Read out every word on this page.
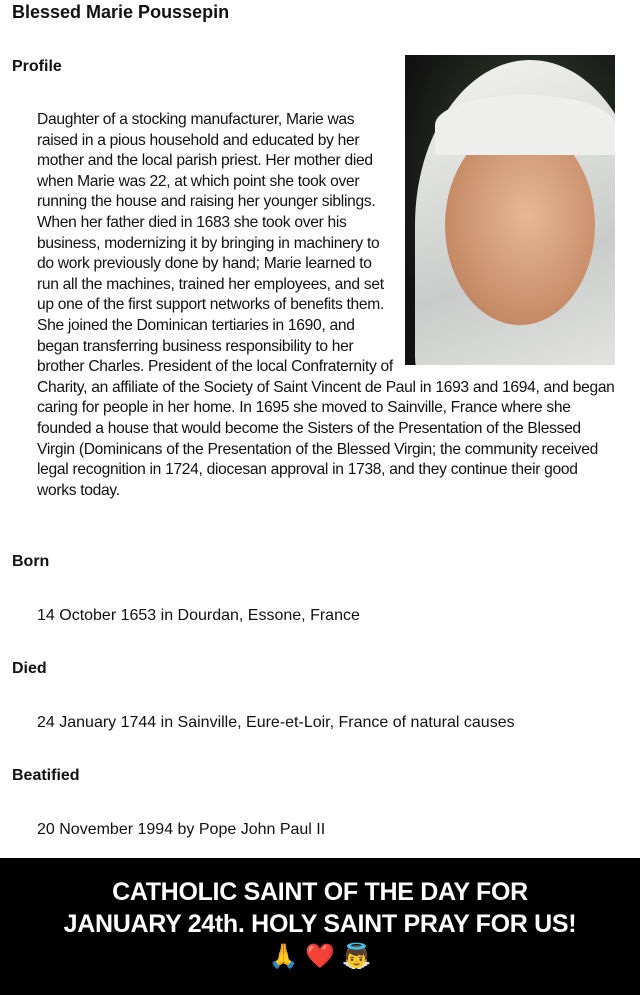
Blessed Marie Poussepin
Profile
Daughter of a stocking manufacturer, Marie was raised in a pious household and educated by her mother and the local parish priest. Her mother died when Marie was 22, at which point she took over running the house and raising her younger siblings. When her father died in 1683 she took over his business, modernizing it by bringing in machinery to do work previously done by hand; Marie learned to run all the machines, trained her employees, and set up one of the first support networks of benefits them. She joined the Dominican tertiaries in 1690, and began transferring business responsibility to her brother Charles. President of the local Confraternity of Charity, an affiliate of the Society of Saint Vincent de Paul in 1693 and 1694, and began caring for people in her home. In 1695 she moved to Sainville, France where she founded a house that would become the Sisters of the Presentation of the Blessed Virgin (Dominicans of the Presentation of the Blessed Virgin; the community received legal recognition in 1724, diocesan approval in 1738, and they continue their good works today.
Born
14 October 1653 in Dourdan, Essone, France
Died
24 January 1744 in Sainville, Eure-et-Loir, France of natural causes
Beatified
20 November 1994 by Pope John Paul II
CATHOLIC SAINT OF THE DAY FOR
JANUARY 24th. HOLY SAINT PRAY FOR US!
🙏 ❤️ 👼
